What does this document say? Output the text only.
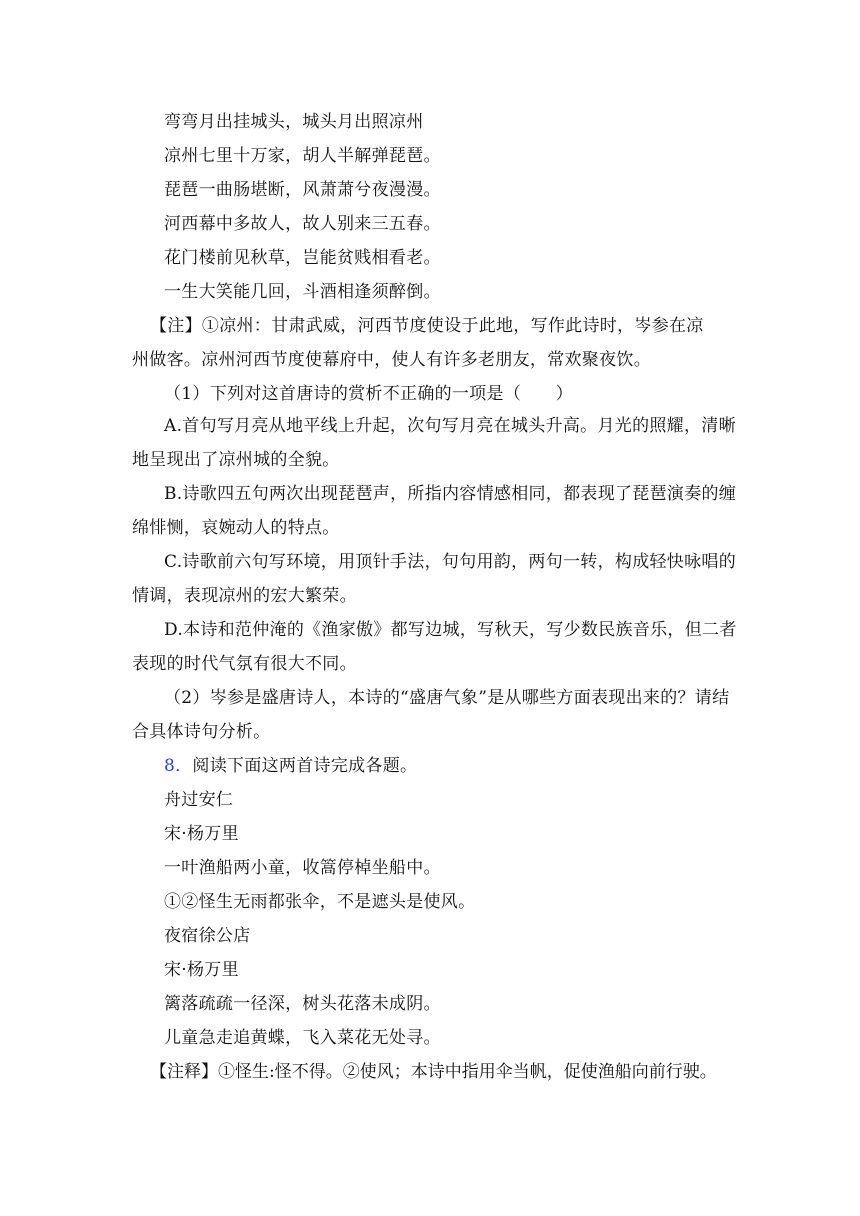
弯弯月出挂城头，城头月出照凉州
凉州七里十万家，胡人半解弹琵琶。
琵琶一曲肠堪断，风萧萧兮夜漫漫。
河西幕中多故人，故人别来三五春。
花门楼前见秋草，岂能贫贱相看老。
一生大笑能几回，斗酒相逢须醉倒。
【注】①凉州：甘肃武威，河西节度使设于此地，写作此诗时，岑参在凉
州做客。凉州河西节度使幕府中，使人有许多老朋友，常欢聚夜饮。
（1）下列对这首唐诗的赏析不正确的一项是（　　）
A.首句写月亮从地平线上升起，次句写月亮在城头升高。月光的照耀，清晰
地呈现出了凉州城的全貌。
B.诗歌四五句两次出现琵琶声，所指内容情感相同，都表现了琵琶演奏的缠
绵悱恻，哀婉动人的特点。
C.诗歌前六句写环境，用顶针手法，句句用韵，两句一转，构成轻快咏唱的
情调，表现凉州的宏大繁荣。
D.本诗和范仲淹的《渔家傲》都写边城，写秋天，写少数民族音乐，但二者
表现的时代气氛有很大不同。
（2）岑参是盛唐诗人，本诗的“盛唐气象”是从哪些方面表现出来的？请结
合具体诗句分析。
8．阅读下面这两首诗完成各题。
舟过安仁
宋·杨万里
一叶渔船两小童，收篙停棹坐船中。
①②怪生无雨都张伞，不是遮头是使风。
夜宿徐公店
宋·杨万里
篱落疏疏一径深，树头花落未成阴。
儿童急走追黄蝶，飞入菜花无处寻。
【注释】①怪生:怪不得。②使风；本诗中指用伞当帆，促使渔船向前行驶。
